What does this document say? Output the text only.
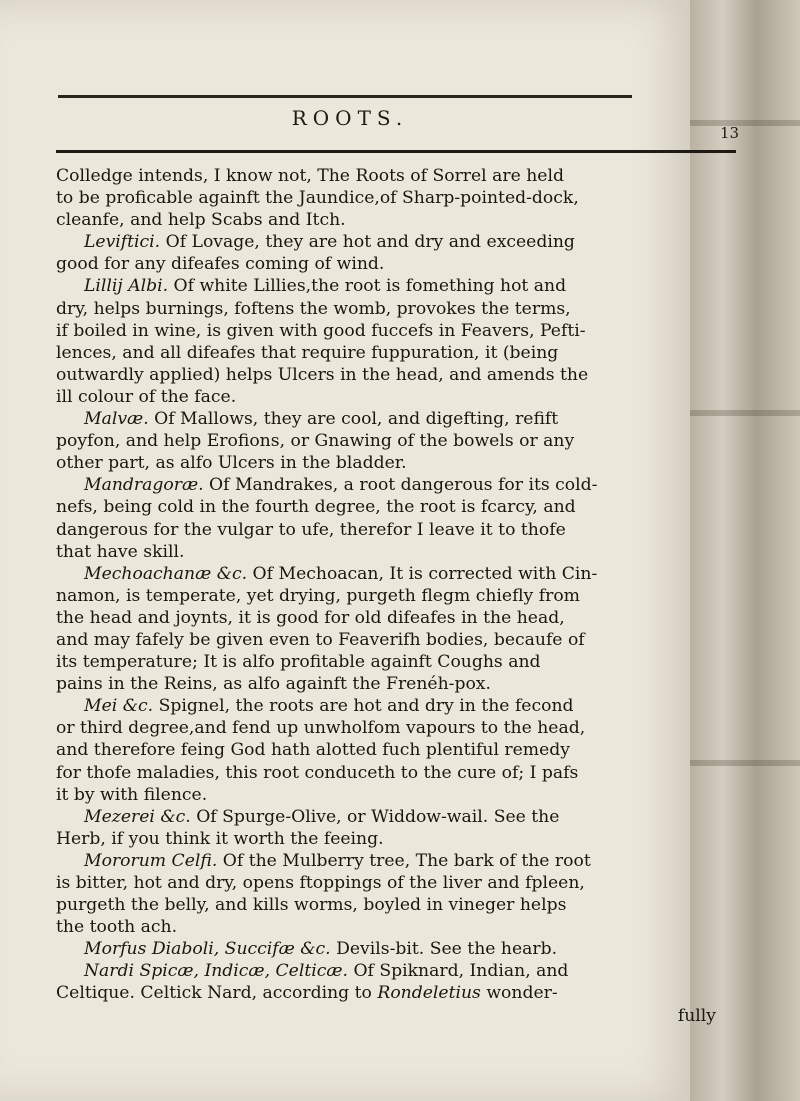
ROOTS.
13
Colledge intends, I know not, The Roots of Sorrel are held
to be proficable againft the Jaundice,of Sharp-pointed-dock,
cleanfe, and help Scabs and Itch.
Leviftici. Of Lovage, they are hot and dry and exceeding
good for any difeafes coming of wind.
Lillij Albi. Of white Lillies,the root is fomething hot and
dry, helps burnings, foftens the womb, provokes the terms,
if boiled in wine, is given with good fuccefs in Feavers, Pefti-
lences, and all difeafes that require fuppuration, it (being
outwardly applied) helps Ulcers in the head, and amends the
ill colour of the face.
Malvæ. Of Mallows, they are cool, and digefting, refift
poyfon, and help Erofions, or Gnawing of the bowels or any
other part, as alfo Ulcers in the bladder.
Mandragoræ. Of Mandrakes, a root dangerous for its cold-
nefs, being cold in the fourth degree, the root is fcarcy, and
dangerous for the vulgar to ufe, therefor I leave it to thofe
that have skill.
Mechoachanæ &c. Of Mechoacan, It is corrected with Cin-
namon, is temperate, yet drying, purgeth flegm chiefly from
the head and joynts, it is good for old difeafes in the head,
and may fafely be given even to Feaverifh bodies, becaufe of
its temperature; It is alfo profitable againft Coughs and
pains in the Reins, as alfo againft the Frenéh-pox.
Mei &c. Spignel, the roots are hot and dry in the fecond
or third degree,and fend up unwholfom vapours to the head,
and therefore feing God hath alotted fuch plentiful remedy
for thofe maladies, this root conduceth to the cure of; I pafs
it by with filence.
Mezerei &c. Of Spurge-Olive, or Widdow-wail. See the
Herb, if you think it worth the feeing.
Mororum Celfi. Of the Mulberry tree, The bark of the root
is bitter, hot and dry, opens ftoppings of the liver and fpleen,
purgeth the belly, and kills worms, boyled in vineger helps
the tooth ach.
Morfus Diaboli, Succifæ &c. Devils-bit. See the hearb.
Nardi Spicæ, Indicæ, Celticæ. Of Spiknard, Indian, and
Celtique. Celtick Nard, according to Rondeletius wonder-
fully
